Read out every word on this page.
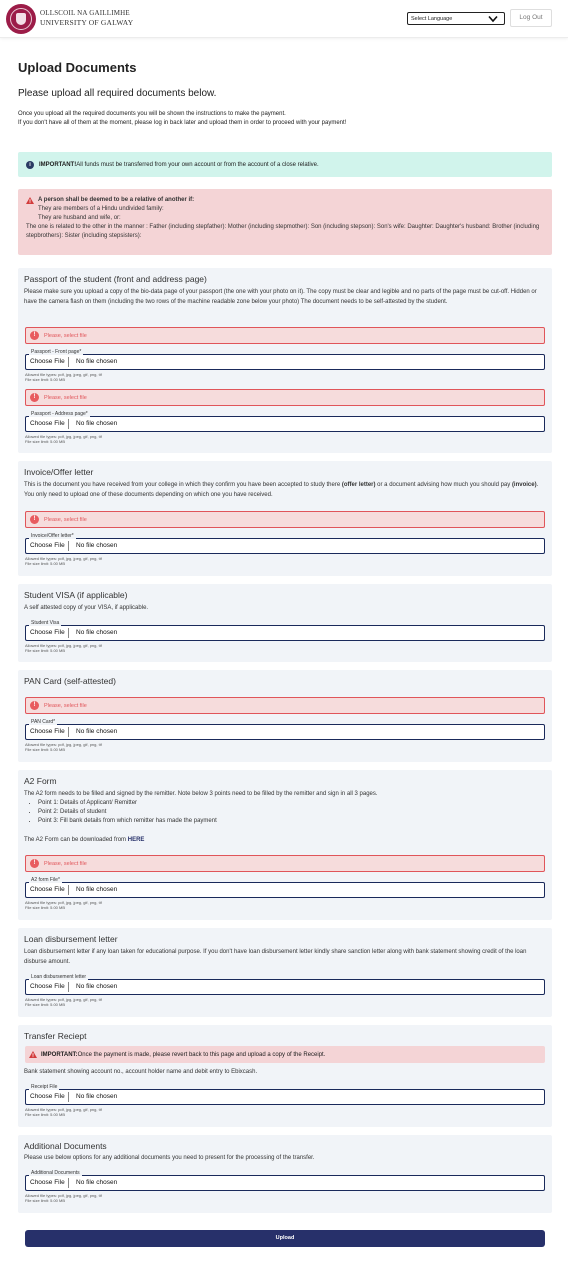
OLLSCOIL NA GAILLIMHE
UNIVERSITY OF GALWAY	Select Language	Log Out
Upload Documents
Please upload all required documents below.
Once you upload all the required documents you will be shown the instructions to make the payment.
If you don't have all of them at the moment, please log in back later and upload them in order to proceed with your payment!
i	IMPORTANT! All funds must be transferred from your own account or from the account of a close relative.
A person shall be deemed to be a relative of another if:
They are members of a Hindu undivided family:
They are husband and wife, or:
The one is related to the other in the manner : Father (including stepfather): Mother (including stepmother): Son (including stepson): Son's wife: Daughter: Daughter's husband: Brother (including stepbrothers): Sister (including stepsisters):
Passport of the student (front and address page)
Please make sure you upload a copy of the bio-data page of your passport (the one with your photo on it). The copy must be clear and legible and no parts of the page must be cut-off. Hidden or have the camera flash on them (including the two rows of the machine readable zone below your photo) The document needs to be self-attested by the student.
!	Please, select file
Passport - Front page*
Choose File	No file chosen
Allowed file types: pdf, jpg, jpeg, gif, png, tif
File size limit: 5.00 MB
!	Please, select file
Passport - Address page*
Choose File	No file chosen
Allowed file types: pdf, jpg, jpeg, gif, png, tif
File size limit: 5.00 MB
Invoice/Offer letter
This is the document you have received from your college in which they confirm you have been accepted to study there (offer letter) or a document advising how much you should pay (invoice). You only need to upload one of these documents depending on which one you have received.
!	Please, select file
Invoice/Offer letter*
Choose File	No file chosen
Allowed file types: pdf, jpg, jpeg, gif, png, tif
File size limit: 5.00 MB
Student VISA (if applicable)
A self attested copy of your VISA, if applicable.
Student Visa
Choose File	No file chosen
Allowed file types: pdf, jpg, jpeg, gif, png, tif
File size limit: 5.00 MB
PAN Card (self-attested)
!	Please, select file
PAN Card*
Choose File	No file chosen
Allowed file types: pdf, jpg, jpeg, gif, png, tif
File size limit: 5.00 MB
A2 Form
The A2 form needs to be filled and signed by the remitter. Note below 3 points need to be filled by the remitter and sign in all 3 pages.
• Point 1: Details of Applicant/ Remitter
• Point 2: Details of student
• Point 3: Fill bank details from which remitter has made the payment
The A2 Form can be downloaded from HERE
!	Please, select file
A2 form File*
Choose File	No file chosen
Allowed file types: pdf, jpg, jpeg, gif, png, tif
File size limit: 5.00 MB
Loan disbursement letter
Loan disbursement letter if any loan taken for educational purpose. If you don't have loan disbursement letter kindly share sanction letter along with bank statement showing credit of the loan disburse amount.
Loan disbursement letter
Choose File	No file chosen
Allowed file types: pdf, jpg, jpeg, gif, png, tif
File size limit: 5.00 MB
Transfer Reciept
IMPORTANT: Once the payment is made, please revert back to this page and upload a copy of the Receipt.
Bank statement showing account no., account holder name and debit entry to Ebixcash.
Receipt File
Choose File	No file chosen
Allowed file types: pdf, jpg, jpeg, gif, png, tif
File size limit: 5.00 MB
Additional Documents
Please use below options for any additional documents you need to present for the processing of the transfer.
Additional Documents
Choose File	No file chosen
Allowed file types: pdf, jpg, jpeg, gif, png, tif
File size limit: 5.00 MB
Upload
